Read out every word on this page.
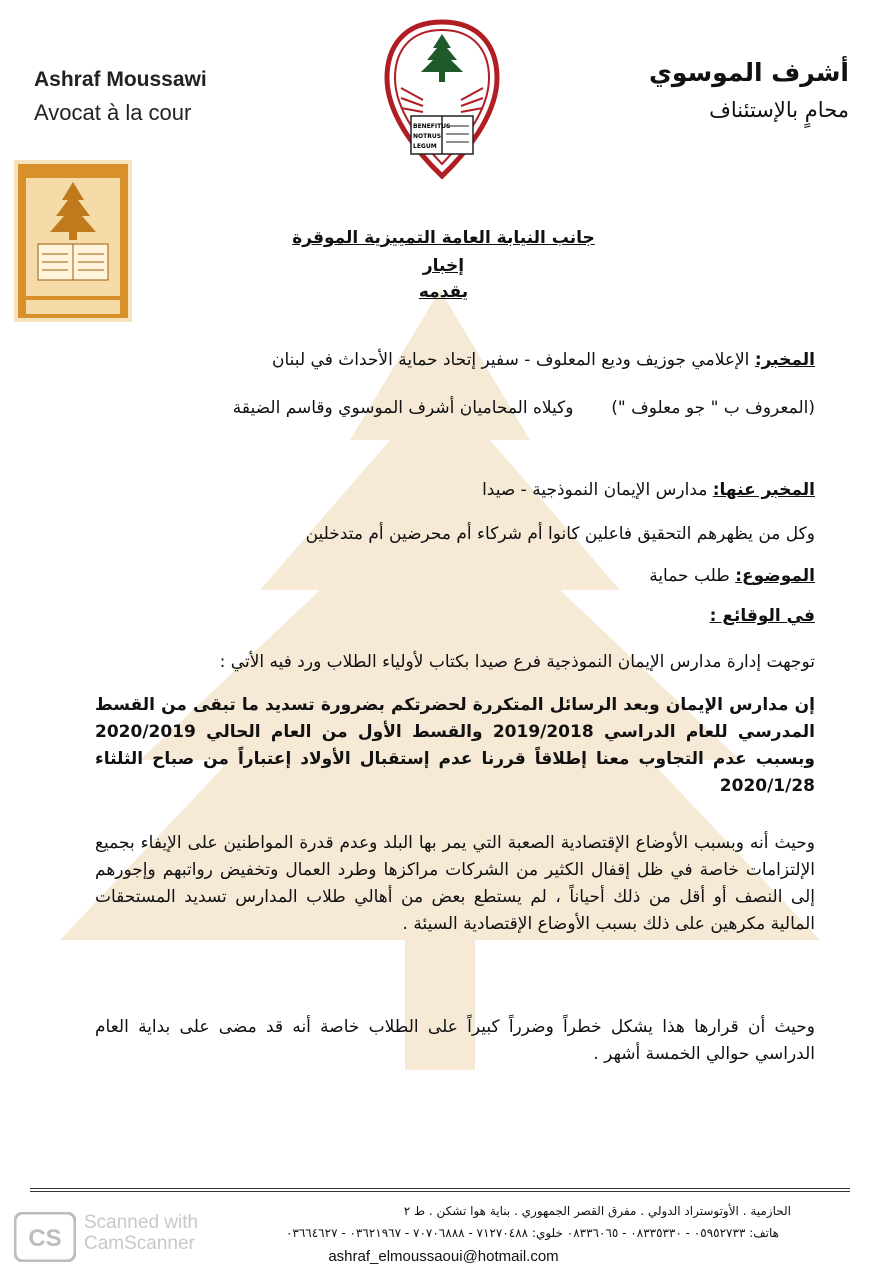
Ashraf Moussawi
Avocat à la cour
أشرف الموسوي
محامٍ بالإستئناف
BENEFITUS
NOTRUS
LEGUM
جانب النيابة العامة التمييزية الموقرة
إخبار
يقدمه
المخبر: الإعلامي جوزيف وديع المعلوف - سفير إتحاد حماية الأحداث في لبنان
(المعروف ب " جو معلوف ")       وكيلاه المحاميان أشرف الموسوي وقاسم الضيقة
المخبر عنها: مدارس الإيمان النموذجية - صيدا
وكل من يظهرهم التحقيق فاعلين كانوا أم شركاء أم محرضين أم متدخلين
الموضوع: طلب حماية
في الوقائع :
توجهت إدارة مدارس الإيمان النموذجية فرع صيدا بكتاب لأولياء الطلاب ورد فيه الأتي :
إن مدارس الإيمان وبعد الرسائل المتكررة لحضرتكم بضرورة تسديد ما تبقى من القسط المدرسي للعام الدراسي 2019/2018 والقسط الأول من العام الحالي 2020/2019 وبسبب عدم التجاوب معنا إطلاقاً قررنا عدم إستقبال الأولاد إعتباراً من صباح الثلثاء 2020/1/28
وحيث أنه وبسبب الأوضاع الإقتصادية الصعبة التي يمر بها البلد وعدم قدرة المواطنين على الإيفاء بجميع الإلتزامات خاصة في ظل إقفال الكثير من الشركات مراكزها وطرد العمال وتخفيض رواتبهم وإجورهم إلى النصف أو أقل من ذلك أحياناً ، لم يستطع بعض من أهالي طلاب المدارس تسديد المستحقات المالية مكرهين على ذلك بسبب الأوضاع الإقتصادية السيئة .
وحيث أن قرارها هذا يشكل خطراً وضرراً كبيراً على الطلاب خاصة أنه قد مضى على بداية العام الدراسي حوالي الخمسة أشهر .
الحازمية . الأوتوستراد الدولي . مفرق القصر الجمهوري . بناية هوا تشكن . ط ٢
هاتف: ٠٥٩٥٢٧٣٣ - ٠٨٣٣٥٣٣٠ - ٠٨٣٣٦٠٦٥ خلوي: ٧١٢٧٠٤٨٨ - ٧٠٧٠٦٨٨٨ - ٠٣٦٢١٩٦٧ - ٠٣٦٦٤٦٢٧
ashraf_elmoussaoui@hotmail.com
CS
Scanned with
CamScanner
